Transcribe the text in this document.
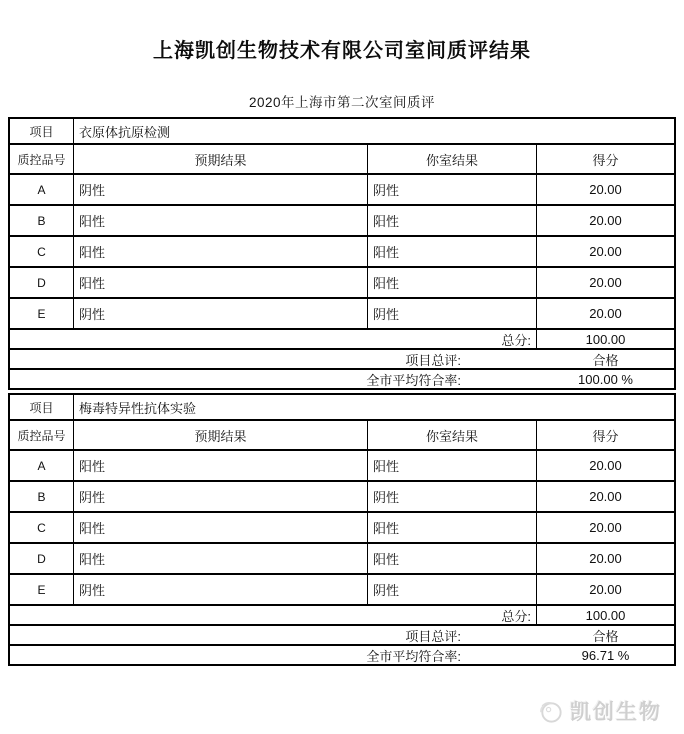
上海凯创生物技术有限公司室间质评结果
2020年上海市第二次室间质评
项目	衣原体抗原检测
质控品号	预期结果	你室结果	得分
A	阴性	阴性	20.00
B	阳性	阳性	20.00
C	阳性	阳性	20.00
D	阳性	阳性	20.00
E	阴性	阴性	20.00
总分:	100.00
项目总评:	合格
全市平均符合率:	100.00 %
项目	梅毒特异性抗体实验
质控品号	预期结果	你室结果	得分
A	阳性	阳性	20.00
B	阴性	阴性	20.00
C	阳性	阳性	20.00
D	阳性	阳性	20.00
E	阴性	阴性	20.00
总分:	100.00
项目总评:	合格
全市平均符合率:	96.71 %
凯创生物
